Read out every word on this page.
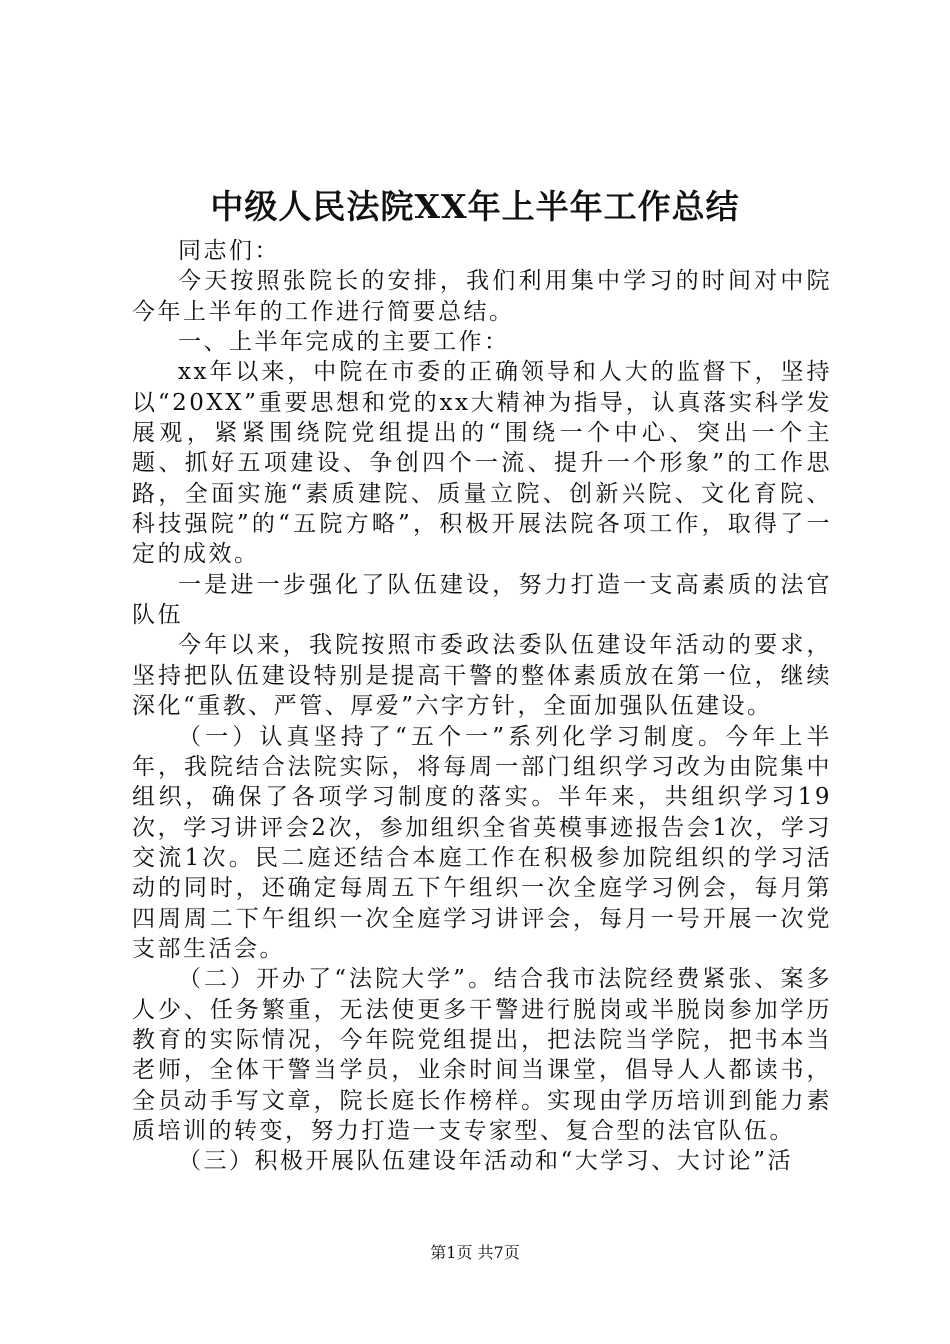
中级人民法院XX年上半年工作总结

同志们：

今天按照张院长的安排，我们利用集中学习的时间对中院今年上半年的工作进行简要总结。

一、上半年完成的主要工作：

xx年以来，中院在市委的正确领导和人大的监督下，坚持以“20XX”重要思想和党的xx大精神为指导，认真落实科学发展观，紧紧围绕院党组提出的“围绕一个中心、突出一个主题、抓好五项建设、争创四个一流、提升一个形象”的工作思路，全面实施“素质建院、质量立院、创新兴院、文化育院、科技强院”的“五院方略”，积极开展法院各项工作，取得了一定的成效。

一是进一步强化了队伍建设，努力打造一支高素质的法官队伍

今年以来，我院按照市委政法委队伍建设年活动的要求，坚持把队伍建设特别是提高干警的整体素质放在第一位，继续深化“重教、严管、厚爱”六字方针，全面加强队伍建设。

（一）认真坚持了“五个一”系列化学习制度。今年上半年，我院结合法院实际，将每周一部门组织学习改为由院集中组织，确保了各项学习制度的落实。半年来，共组织学习19次，学习讲评会2次，参加组织全省英模事迹报告会1次，学习交流1次。民二庭还结合本庭工作在积极参加院组织的学习活动的同时，还确定每周五下午组织一次全庭学习例会，每月第四周周二下午组织一次全庭学习讲评会，每月一号开展一次党支部生活会。

（二）开办了“法院大学”。结合我市法院经费紧张、案多人少、任务繁重，无法使更多干警进行脱岗或半脱岗参加学历教育的实际情况，今年院党组提出，把法院当学院，把书本当老师，全体干警当学员，业余时间当课堂，倡导人人都读书，全员动手写文章，院长庭长作榜样。实现由学历培训到能力素质培训的转变，努力打造一支专家型、复合型的法官队伍。

（三）积极开展队伍建设年活动和“大学习、大讨论”活

第1页 共7页
